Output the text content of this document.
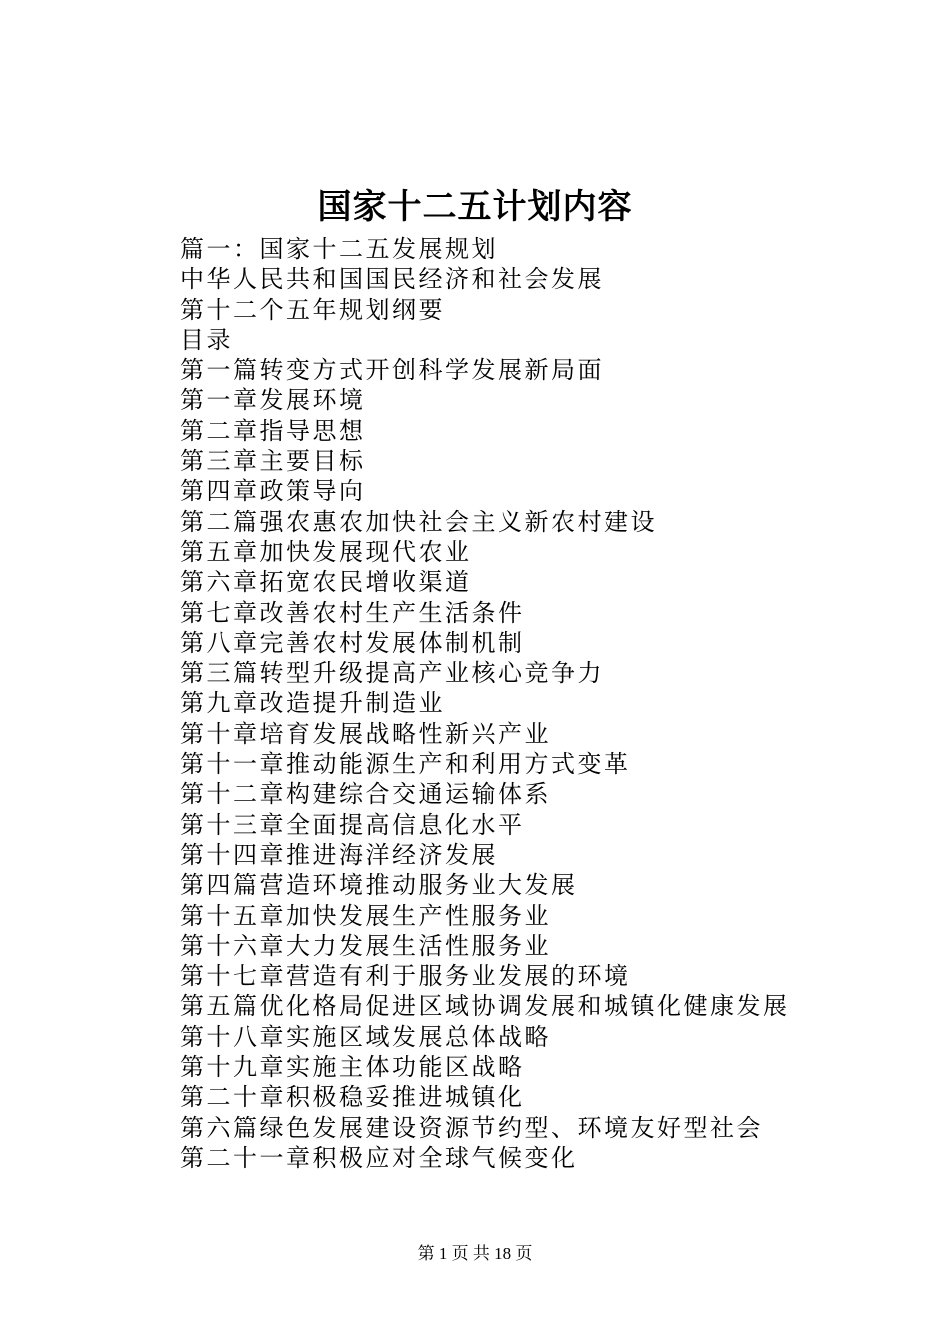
国家十二五计划内容
篇一：国家十二五发展规划
中华人民共和国国民经济和社会发展
第十二个五年规划纲要
目录
第一篇转变方式开创科学发展新局面
第一章发展环境
第二章指导思想
第三章主要目标
第四章政策导向
第二篇强农惠农加快社会主义新农村建设
第五章加快发展现代农业
第六章拓宽农民增收渠道
第七章改善农村生产生活条件
第八章完善农村发展体制机制
第三篇转型升级提高产业核心竞争力
第九章改造提升制造业
第十章培育发展战略性新兴产业
第十一章推动能源生产和利用方式变革
第十二章构建综合交通运输体系
第十三章全面提高信息化水平
第十四章推进海洋经济发展
第四篇营造环境推动服务业大发展
第十五章加快发展生产性服务业
第十六章大力发展生活性服务业
第十七章营造有利于服务业发展的环境
第五篇优化格局促进区域协调发展和城镇化健康发展
第十八章实施区域发展总体战略
第十九章实施主体功能区战略
第二十章积极稳妥推进城镇化
第六篇绿色发展建设资源节约型、环境友好型社会
第二十一章积极应对全球气候变化
第 1 页 共 18 页
